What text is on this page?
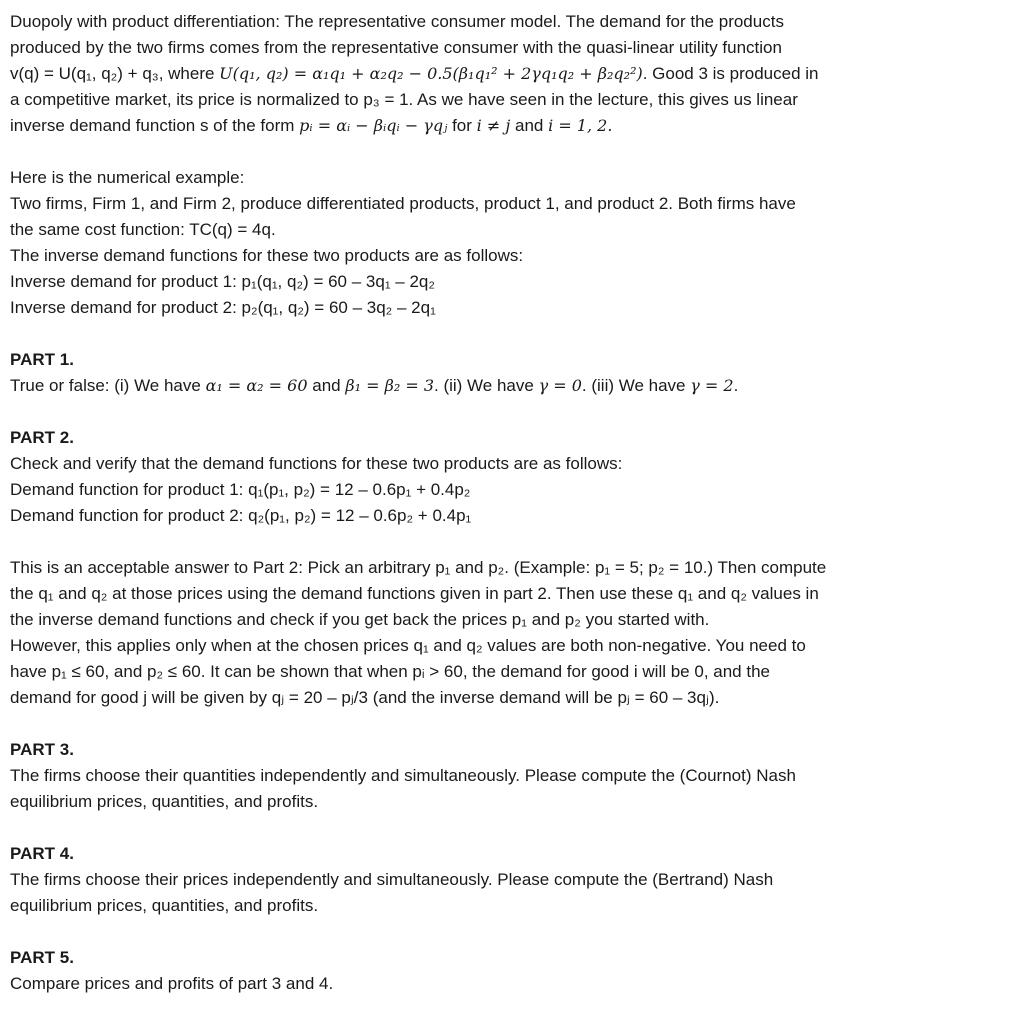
Duopoly with product differentiation: The representative consumer model. The demand for the products
produced by the two firms comes from the representative consumer with the quasi-linear utility function
v(q) = U(q₁, q₂) + q₃, where U(q₁, q₂) = α₁q₁ + α₂q₂ − 0.5(β₁q₁² + 2γq₁q₂ + β₂q₂²). Good 3 is produced in
a competitive market, its price is normalized to p₃ = 1. As we have seen in the lecture, this gives us linear
inverse demand function s of the form pᵢ = αᵢ − βᵢqᵢ − γqⱼ for i ≠ j and i = 1, 2.
Here is the numerical example:
Two firms, Firm 1, and Firm 2, produce differentiated products, product 1, and product 2. Both firms have
the same cost function: TC(q) = 4q.
The inverse demand functions for these two products are as follows:
Inverse demand for product 1: p₁(q₁, q₂) = 60 – 3q₁ – 2q₂
Inverse demand for product 2: p₂(q₁, q₂) = 60 – 3q₂ – 2q₁
PART 1.
True or false: (i) We have α₁ = α₂ = 60 and β₁ = β₂ = 3. (ii) We have γ = 0. (iii) We have γ = 2.
PART 2.
Check and verify that the demand functions for these two products are as follows:
Demand function for product 1: q₁(p₁, p₂) = 12 – 0.6p₁ + 0.4p₂
Demand function for product 2: q₂(p₁, p₂) = 12 – 0.6p₂ + 0.4p₁
This is an acceptable answer to Part 2: Pick an arbitrary p₁ and p₂. (Example: p₁ = 5; p₂ = 10.) Then compute
the q₁ and q₂ at those prices using the demand functions given in part 2. Then use these q₁ and q₂ values in
the inverse demand functions and check if you get back the prices p₁ and p₂ you started with.
However, this applies only when at the chosen prices q₁ and q₂ values are both non-negative. You need to
have p₁ ≤ 60, and p₂ ≤ 60. It can be shown that when pᵢ > 60, the demand for good i will be 0, and the
demand for good j will be given by qⱼ = 20 – pⱼ/3 (and the inverse demand will be pⱼ = 60 – 3qⱼ).
PART 3.
The firms choose their quantities independently and simultaneously. Please compute the (Cournot) Nash
equilibrium prices, quantities, and profits.
PART 4.
The firms choose their prices independently and simultaneously. Please compute the (Bertrand) Nash
equilibrium prices, quantities, and profits.
PART 5.
Compare prices and profits of part 3 and 4.
